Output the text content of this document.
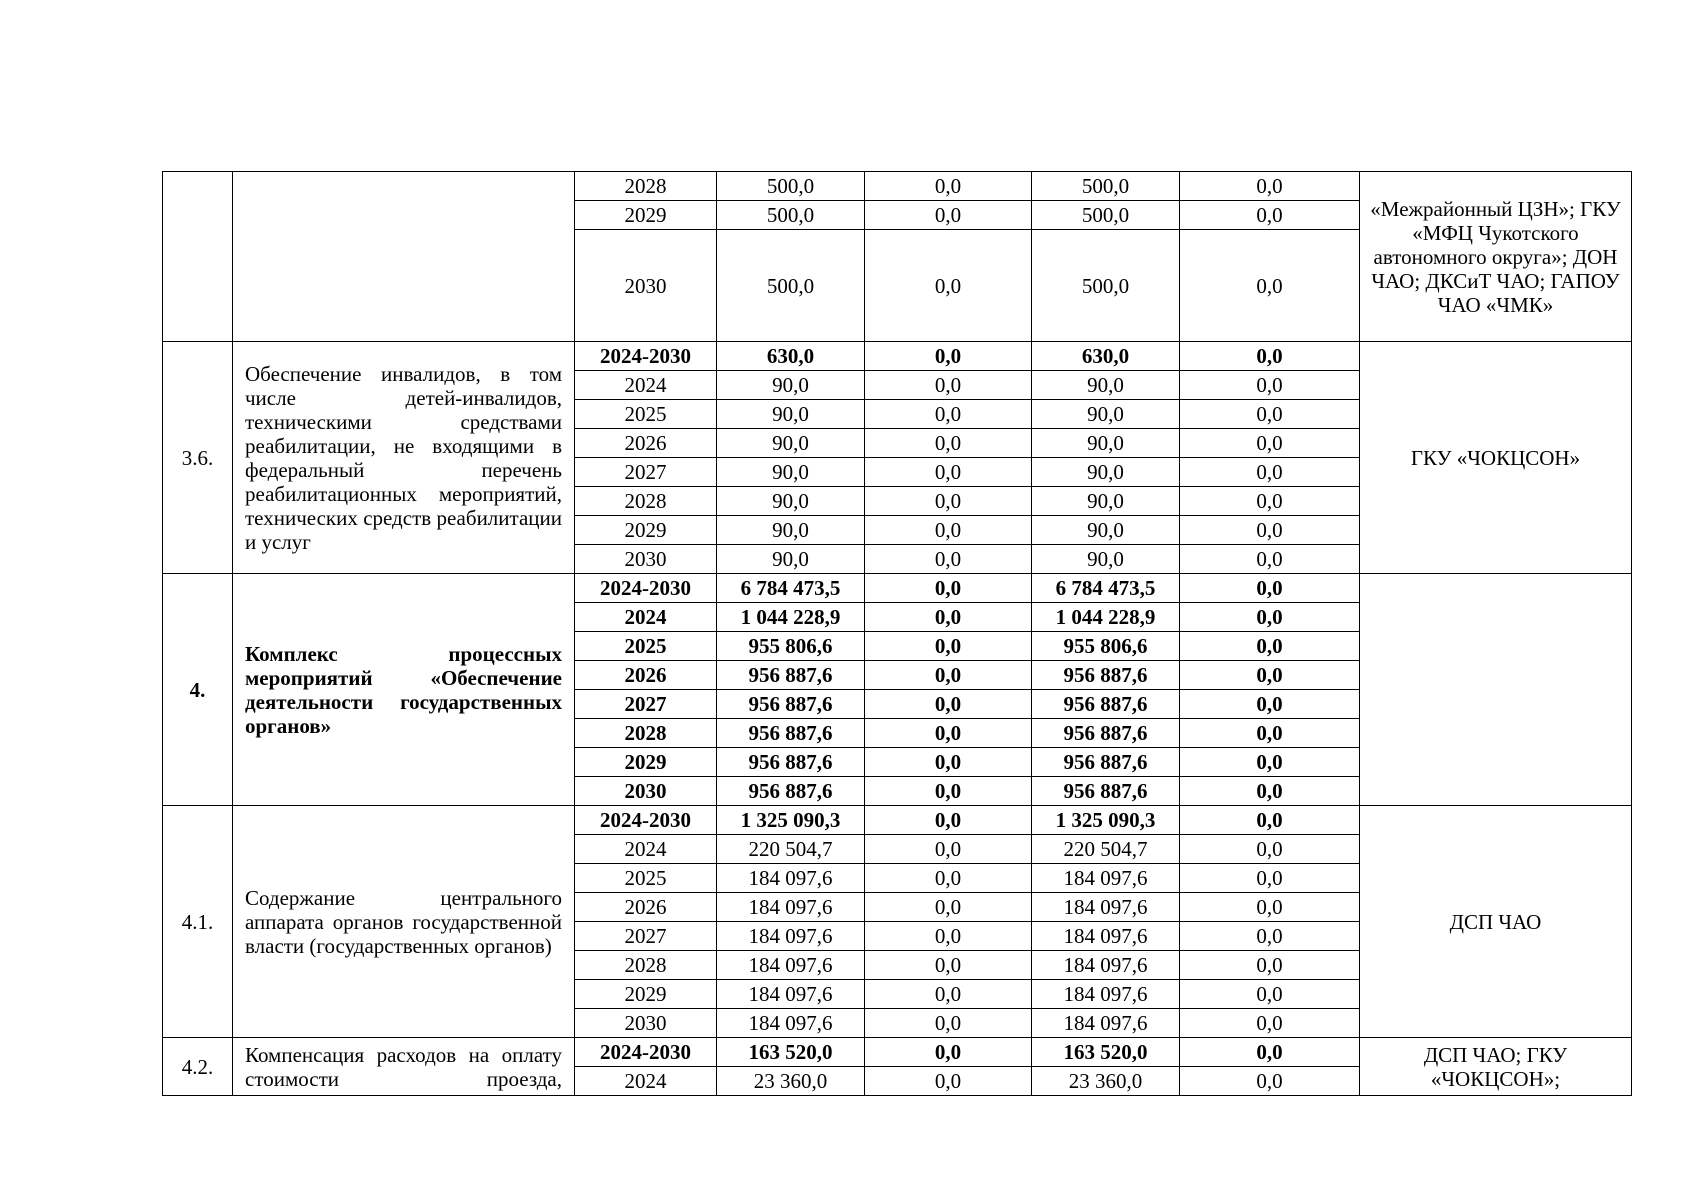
		2028	500,0	0,0	500,0	0,0	«Межрайонный ЦЗН»; ГКУ «МФЦ Чукотского автономного округа»; ДОН ЧАО; ДКСиТ ЧАО; ГАПОУ ЧАО «ЧМК»
		2029	500,0	0,0	500,0	0,0	
		2030	500,0	0,0	500,0	0,0	
3.6.	Обеспечение инвалидов, в том числе детей-инвалидов, техническими средствами реабилитации, не входящими в федеральный перечень реабилитационных мероприятий, технических средств реабилитации и услуг	2024-2030	630,0	0,0	630,0	0,0	ГКУ «ЧОКЦСОН»
		2024	90,0	0,0	90,0	0,0	
		2025	90,0	0,0	90,0	0,0	
		2026	90,0	0,0	90,0	0,0	
		2027	90,0	0,0	90,0	0,0	
		2028	90,0	0,0	90,0	0,0	
		2029	90,0	0,0	90,0	0,0	
		2030	90,0	0,0	90,0	0,0	
4.	Комплекс процессных мероприятий «Обеспечение деятельности государственных органов»	2024-2030	6 784 473,5	0,0	6 784 473,5	0,0	
		2024	1 044 228,9	0,0	1 044 228,9	0,0	
		2025	955 806,6	0,0	955 806,6	0,0	
		2026	956 887,6	0,0	956 887,6	0,0	
		2027	956 887,6	0,0	956 887,6	0,0	
		2028	956 887,6	0,0	956 887,6	0,0	
		2029	956 887,6	0,0	956 887,6	0,0	
		2030	956 887,6	0,0	956 887,6	0,0	
4.1.	Содержание центрального аппарата органов государственной власти (государственных органов)	2024-2030	1 325 090,3	0,0	1 325 090,3	0,0	ДСП ЧАО
		2024	220 504,7	0,0	220 504,7	0,0	
		2025	184 097,6	0,0	184 097,6	0,0	
		2026	184 097,6	0,0	184 097,6	0,0	
		2027	184 097,6	0,0	184 097,6	0,0	
		2028	184 097,6	0,0	184 097,6	0,0	
		2029	184 097,6	0,0	184 097,6	0,0	
		2030	184 097,6	0,0	184 097,6	0,0	
4.2.	Компенсация расходов на оплату стоимости проезда,	2024-2030	163 520,0	0,0	163 520,0	0,0	ДСП ЧАО; ГКУ «ЧОКЦСОН»;
		2024	23 360,0	0,0	23 360,0	0,0	
